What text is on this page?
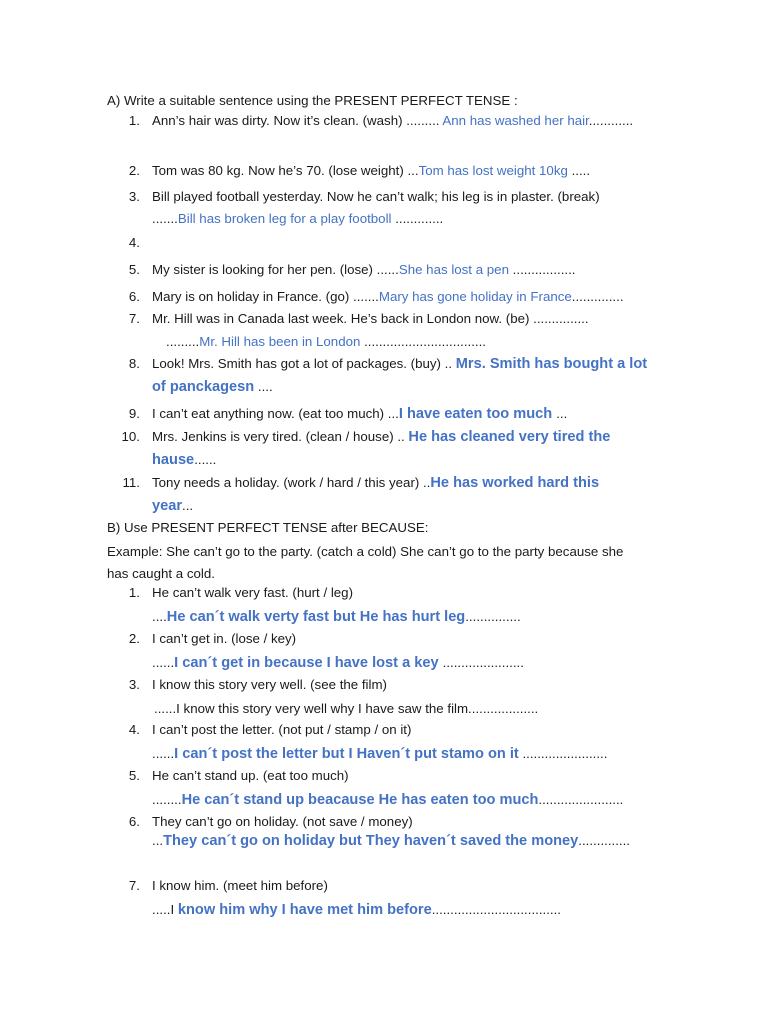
A) Write a suitable sentence using the PRESENT PERFECT TENSE :
1. Ann’s hair was dirty. Now it’s clean. (wash) ......... Ann has washed her hair............
2. Tom was 80 kg. Now he’s 70. (lose weight) ...Tom has lost weight 10kg .....
3. Bill played football yesterday. Now he can’t walk; his leg is in plaster. (break)
.......Bill has broken leg for a play footboll .............
4.
5. My sister is looking for her pen. (lose) ......She has lost a pen .................
6. Mary is on holiday in France. (go) .......Mary has gone holiday in France..............
7. Mr. Hill was in Canada last week. He’s back in London now. (be) ...............
.........Mr. Hill has been in London .................................
8. Look! Mrs. Smith has got a lot of packages. (buy) .. Mrs. Smith has bought a lot
of panckagesn ....
9. I can’t eat anything now. (eat too much) ...I have eaten too much ...
10. Mrs. Jenkins is very tired. (clean / house) .. He has cleaned very tired the
hause......
11. Tony needs a holiday. (work / hard / this year) ..He has worked hard this
year...
B) Use PRESENT PERFECT TENSE after BECAUSE:
Example: She can’t go to the party. (catch a cold) She can’t go to the party because she
has caught a cold.
1. He can’t walk very fast. (hurt / leg)
....He can´t walk verty fast but He has hurt leg...............
2. I can’t get in. (lose / key)
......I can´t get in because I have lost a key ......................
3. I know this story very well. (see the film)
......I know this story very well why I have saw the film...................
4. I can’t post the letter. (not put / stamp / on it)
......I can´t post the letter but I Haven´t put stamo on it .......................
5. He can’t stand up. (eat too much)
........He can´t stand up beacause He has eaten too much.......................
6. They can’t go on holiday. (not save / money)
...They can´t go on holiday but They haven´t saved the money..............
7. I know him. (meet him before)
.....I know him why I have met him before...................................
